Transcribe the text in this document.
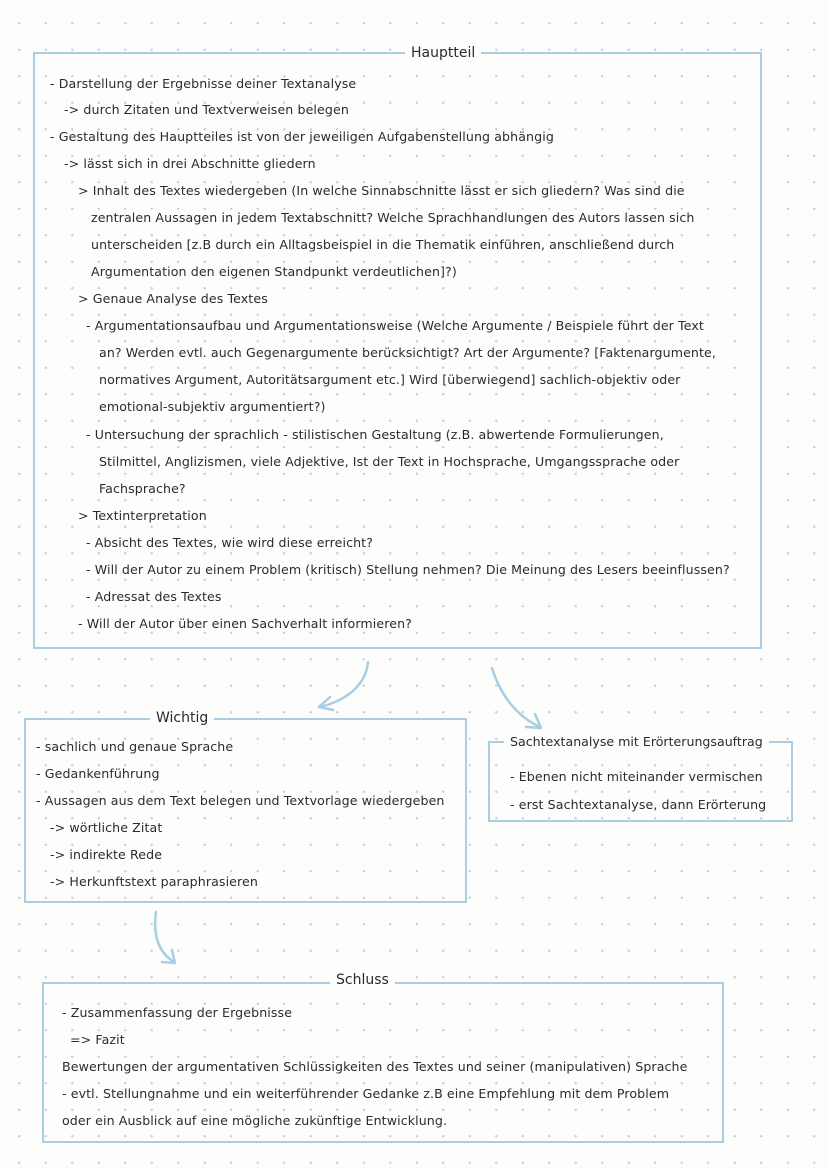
Hauptteil
- Darstellung der Ergebnisse deiner Textanalyse
-> durch Zitaten und Textverweisen belegen
- Gestaltung des Hauptteiles ist von der jeweiligen Aufgabenstellung abhängig
-> lässt sich in drei Abschnitte gliedern
> Inhalt des Textes wiedergeben (In welche Sinnabschnitte lässt er sich gliedern? Was sind die
zentralen Aussagen in jedem Textabschnitt? Welche Sprachhandlungen des Autors lassen sich
unterscheiden [z.B durch ein Alltagsbeispiel in die Thematik einführen, anschließend durch
Argumentation den eigenen Standpunkt verdeutlichen]?)
> Genaue Analyse des Textes
- Argumentationsaufbau und Argumentationsweise (Welche Argumente / Beispiele führt der Text
an? Werden evtl. auch Gegenargumente berücksichtigt? Art der Argumente? [Faktenargumente,
normatives Argument, Autoritätsargument etc.] Wird [überwiegend] sachlich-objektiv oder
emotional-subjektiv argumentiert?)
- Untersuchung der sprachlich - stilistischen Gestaltung (z.B. abwertende Formulierungen,
Stilmittel, Anglizismen, viele Adjektive, Ist der Text in Hochsprache, Umgangssprache oder
Fachsprache?
> Textinterpretation
- Absicht des Textes, wie wird diese erreicht?
- Will der Autor zu einem Problem (kritisch) Stellung nehmen? Die Meinung des Lesers beeinflussen?
- Adressat des Textes
- Will der Autor über einen Sachverhalt informieren?
Wichtig
- sachlich und genaue Sprache
- Gedankenführung
- Aussagen aus dem Text belegen und Textvorlage wiedergeben
-> wörtliche Zitat
-> indirekte Rede
-> Herkunftstext paraphrasieren
Sachtextanalyse mit Erörterungsauftrag
- Ebenen nicht miteinander vermischen
- erst Sachtextanalyse, dann Erörterung
Schluss
- Zusammenfassung der Ergebnisse
=> Fazit
Bewertungen der argumentativen Schlüssigkeiten des Textes und seiner (manipulativen) Sprache
- evtl. Stellungnahme und ein weiterführender Gedanke z.B eine Empfehlung mit dem Problem
oder ein Ausblick auf eine mögliche zukünftige Entwicklung.
